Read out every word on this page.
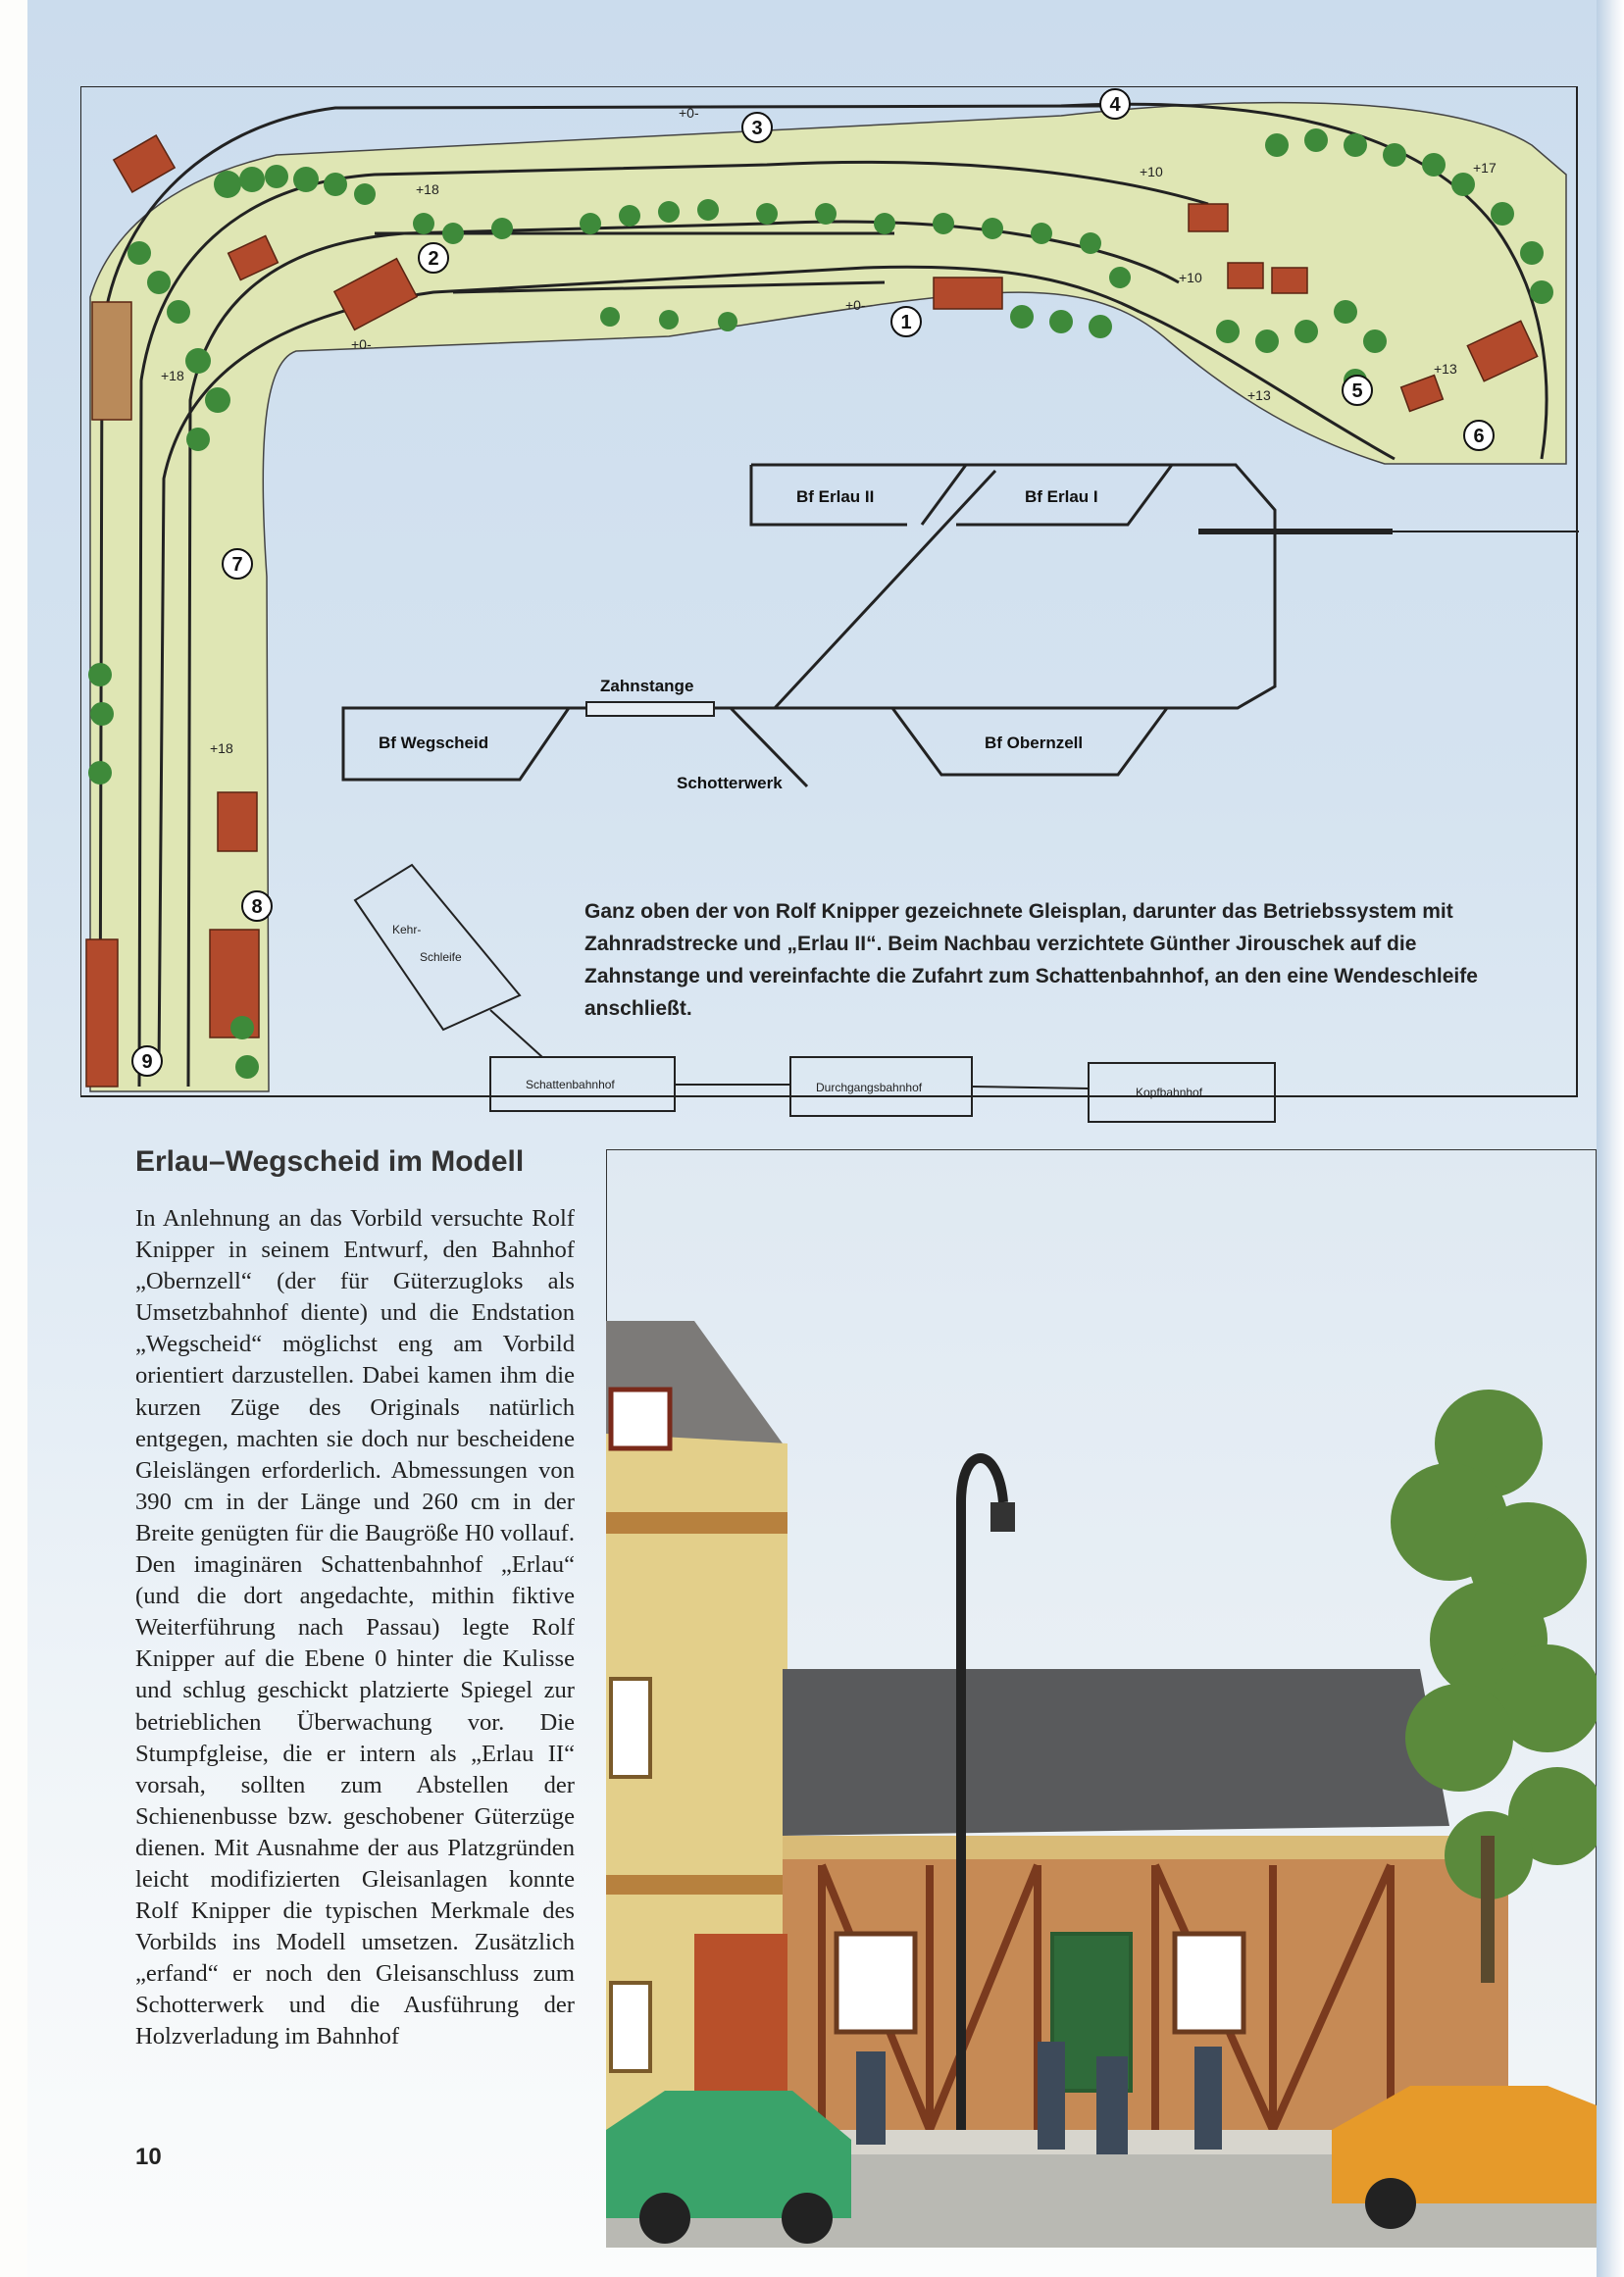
+0-
+0-
+0-
+18
+18
+18
+17
+10
+13
+13
+10
1
2
3
4
5
6
7
8
9
Bf Erlau II	Bf Erlau I
Zahnstange
Bf Wegscheid	Bf Obernzell
Schotterwerk
Kehr-
Schleife
Schattenbahnhof	Durchgangsbahnhof	Kopfbahnhof
Ganz oben der von Rolf Knipper gezeichnete Gleisplan, darunter das Betriebssystem mit Zahnradstrecke und „Erlau II“. Beim Nachbau verzichtete Günther Jirouschek auf die Zahnstange und vereinfachte die Zufahrt zum Schattenbahnhof, an den eine Wendeschleife anschließt.
Erlau–Wegscheid im Modell
In Anlehnung an das Vorbild versuchte Rolf Knipper in seinem Entwurf, den Bahnhof „Obernzell“ (der für Güterzugloks als Umsetzbahnhof diente) und die Endstation „Wegscheid“ möglichst eng am Vorbild orientiert darzustellen. Dabei kamen ihm die kurzen Züge des Originals natürlich entgegen, machten sie doch nur bescheidene Gleislängen erforderlich. Abmessungen von 390 cm in der Länge und 260 cm in der Breite genügten für die Baugröße H0 vollauf. Den imaginären Schattenbahnhof „Erlau“ (und die dort angedachte, mithin fiktive Weiterführung nach Passau) legte Rolf Knipper auf die Ebene 0 hinter die Kulisse und schlug geschickt platzierte Spiegel zur betrieblichen Überwachung vor. Die Stumpfgleise, die er intern als „Erlau II“ vorsah, sollten zum Abstellen der Schienenbusse bzw. geschobener Güterzüge dienen. Mit Ausnahme der aus Platzgründen leicht modifizierten Gleisanlagen konnte Rolf Knipper die typischen Merkmale des Vorbilds ins Modell umsetzen. Zusätzlich „erfand“ er noch den Gleisanschluss zum Schotterwerk und die Ausführung der Holzverladung im Bahnhof
10
